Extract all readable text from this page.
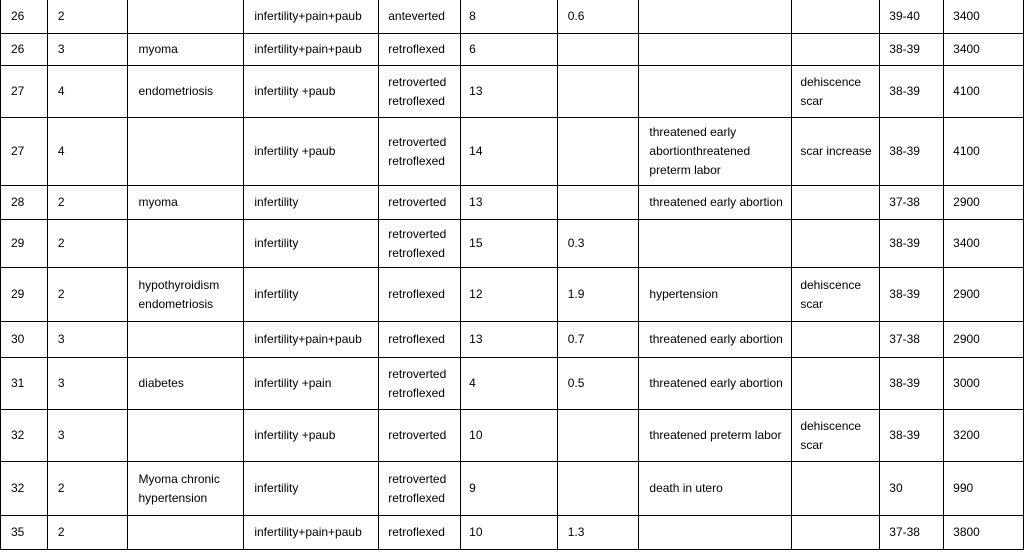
26	2		infertility+pain+paub	anteverted	8	0.6			39-40	3400

26	3	myoma	infertility+pain+paub	retroflexed	6				38-39	3400

27	4	endometriosis	infertility +paub	retroverted
retroflexed	13			dehiscence
scar	38-39	4100

27	4		infertility +paub	retroverted
retroflexed	14		threatened early
abortionthreatened
preterm labor	scar increase	38-39	4100

28	2	myoma	infertility	retroverted	13		threatened early abortion		37-38	2900

29	2		infertility	retroverted
retroflexed	15	0.3			38-39	3400

29	2	hypothyroidism
endometriosis	infertility	retroflexed	12	1.9	hypertension	dehiscence
scar	38-39	2900

30	3		infertility+pain+paub	retroflexed	13	0.7	threatened early abortion		37-38	2900

31	3	diabetes	infertility +pain	retroverted
retroflexed	4	0.5	threatened early abortion		38-39	3000

32	3		infertility +paub	retroverted	10		threatened preterm labor	dehiscence
scar	38-39	3200

32	2	Myoma chronic
hypertension	infertility	retroverted
retroflexed	9		death in utero		30	990

35	2		infertility+pain+paub	retroflexed	10	1.3			37-38	3800
